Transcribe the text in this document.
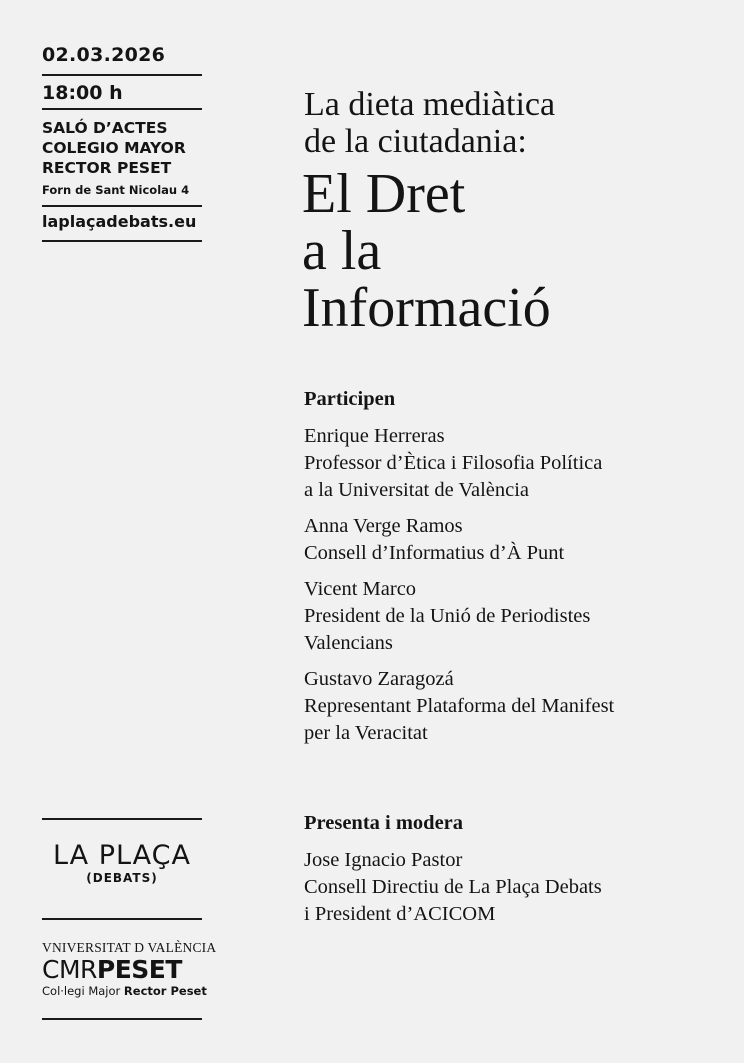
02.03.2026
18:00 h
SALÓ D’ACTES
COLEGIO MAYOR
RECTOR PESET
Forn de Sant Nicolau 4
laplaçadebats.eu
La dieta mediàtica
de la ciutadania:
El Dret
a la
Informació
Participen
Enrique Herreras
Professor d’Ètica i Filosofia Política
a la Universitat de València
Anna Verge Ramos
Consell d’Informatius d’À Punt
Vicent Marco
President de la Unió de Periodistes
Valencians
Gustavo Zaragozá
Representant Plataforma del Manifest
per la Veracitat
Presenta i modera
Jose Ignacio Pastor
Consell Directiu de La Plaça Debats
i President d’ACICOM
LA PLAÇA
(DEBATS)
VNIVERSITAT D VALÈNCIA
CMRPESET
Col·legi Major Rector Peset
